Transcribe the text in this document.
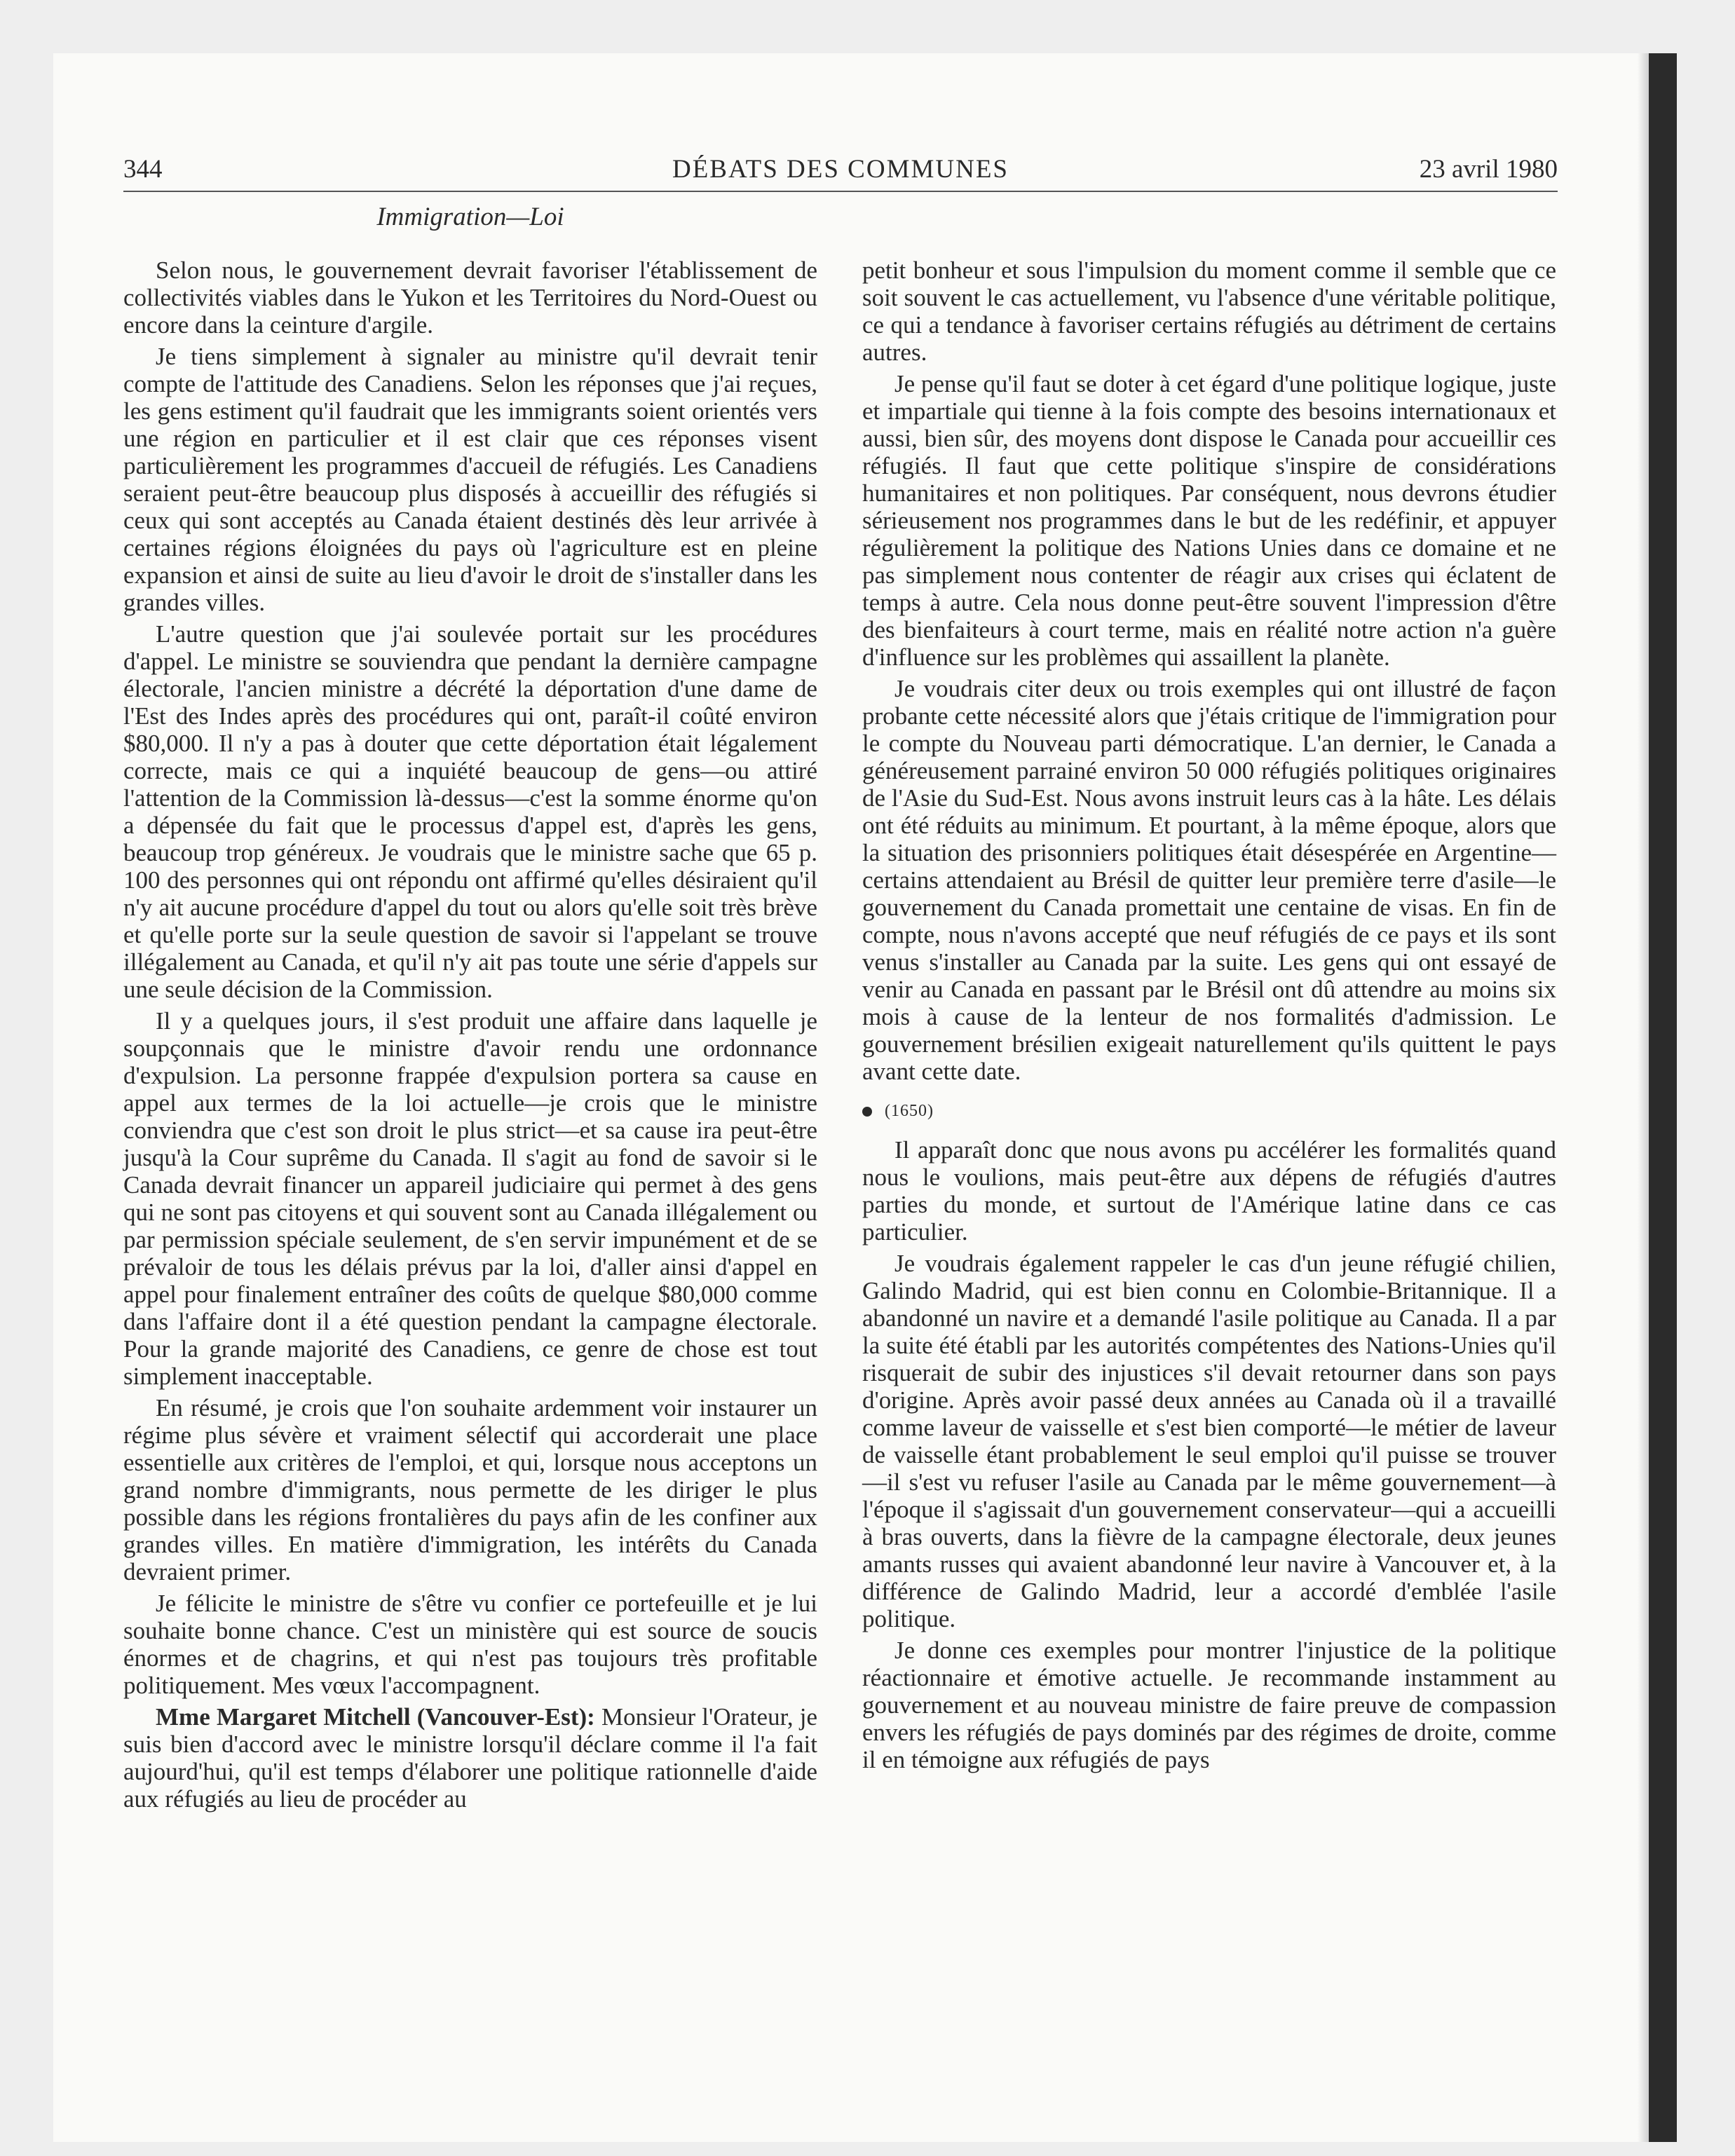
344	DÉBATS DES COMMUNES	23 avril 1980
Immigration—Loi

Selon nous, le gouvernement devrait favoriser l'établissement de collectivités viables dans le Yukon et les Territoires du Nord-Ouest ou encore dans la ceinture d'argile.

Je tiens simplement à signaler au ministre qu'il devrait tenir compte de l'attitude des Canadiens. Selon les réponses que j'ai reçues, les gens estiment qu'il faudrait que les immigrants soient orientés vers une région en particulier et il est clair que ces réponses visent particulièrement les programmes d'accueil de réfugiés. Les Canadiens seraient peut-être beaucoup plus disposés à accueillir des réfugiés si ceux qui sont acceptés au Canada étaient destinés dès leur arrivée à certaines régions éloignées du pays où l'agriculture est en pleine expansion et ainsi de suite au lieu d'avoir le droit de s'installer dans les grandes villes.

L'autre question que j'ai soulevée portait sur les procédures d'appel. Le ministre se souviendra que pendant la dernière campagne électorale, l'ancien ministre a décrété la déportation d'une dame de l'Est des Indes après des procédures qui ont, paraît-il coûté environ $80,000. Il n'y a pas à douter que cette déportation était légalement correcte, mais ce qui a inquiété beaucoup de gens—ou attiré l'attention de la Commission là-dessus—c'est la somme énorme qu'on a dépensée du fait que le processus d'appel est, d'après les gens, beaucoup trop généreux. Je voudrais que le ministre sache que 65 p. 100 des personnes qui ont répondu ont affirmé qu'elles désiraient qu'il n'y ait aucune procédure d'appel du tout ou alors qu'elle soit très brève et qu'elle porte sur la seule question de savoir si l'appelant se trouve illégalement au Canada, et qu'il n'y ait pas toute une série d'appels sur une seule décision de la Commission.

Il y a quelques jours, il s'est produit une affaire dans laquelle je soupçonnais que le ministre d'avoir rendu une ordonnance d'expulsion. La personne frappée d'expulsion portera sa cause en appel aux termes de la loi actuelle—je crois que le ministre conviendra que c'est son droit le plus strict—et sa cause ira peut-être jusqu'à la Cour suprême du Canada. Il s'agit au fond de savoir si le Canada devrait financer un appareil judiciaire qui permet à des gens qui ne sont pas citoyens et qui souvent sont au Canada illégalement ou par permission spéciale seulement, de s'en servir impunément et de se prévaloir de tous les délais prévus par la loi, d'aller ainsi d'appel en appel pour finalement entraîner des coûts de quelque $80,000 comme dans l'affaire dont il a été question pendant la campagne électorale. Pour la grande majorité des Canadiens, ce genre de chose est tout simplement inacceptable.

En résumé, je crois que l'on souhaite ardemment voir instaurer un régime plus sévère et vraiment sélectif qui accorderait une place essentielle aux critères de l'emploi, et qui, lorsque nous acceptons un grand nombre d'immigrants, nous permette de les diriger le plus possible dans les régions frontalières du pays afin de les confiner aux grandes villes. En matière d'immigration, les intérêts du Canada devraient primer.

Je félicite le ministre de s'être vu confier ce portefeuille et je lui souhaite bonne chance. C'est un ministère qui est source de soucis énormes et de chagrins, et qui n'est pas toujours très profitable politiquement. Mes vœux l'accompagnent.

Mme Margaret Mitchell (Vancouver-Est): Monsieur l'Orateur, je suis bien d'accord avec le ministre lorsqu'il déclare comme il l'a fait aujourd'hui, qu'il est temps d'élaborer une politique rationnelle d'aide aux réfugiés au lieu de procéder au

petit bonheur et sous l'impulsion du moment comme il semble que ce soit souvent le cas actuellement, vu l'absence d'une véritable politique, ce qui a tendance à favoriser certains réfugiés au détriment de certains autres.

Je pense qu'il faut se doter à cet égard d'une politique logique, juste et impartiale qui tienne à la fois compte des besoins internationaux et aussi, bien sûr, des moyens dont dispose le Canada pour accueillir ces réfugiés. Il faut que cette politique s'inspire de considérations humanitaires et non politiques. Par conséquent, nous devrons étudier sérieusement nos programmes dans le but de les redéfinir, et appuyer régulièrement la politique des Nations Unies dans ce domaine et ne pas simplement nous contenter de réagir aux crises qui éclatent de temps à autre. Cela nous donne peut-être souvent l'impression d'être des bienfaiteurs à court terme, mais en réalité notre action n'a guère d'influence sur les problèmes qui assaillent la planète.

Je voudrais citer deux ou trois exemples qui ont illustré de façon probante cette nécessité alors que j'étais critique de l'immigration pour le compte du Nouveau parti démocratique. L'an dernier, le Canada a généreusement parrainé environ 50 000 réfugiés politiques originaires de l'Asie du Sud-Est. Nous avons instruit leurs cas à la hâte. Les délais ont été réduits au minimum. Et pourtant, à la même époque, alors que la situation des prisonniers politiques était désespérée en Argentine—certains attendaient au Brésil de quitter leur première terre d'asile—le gouvernement du Canada promettait une centaine de visas. En fin de compte, nous n'avons accepté que neuf réfugiés de ce pays et ils sont venus s'installer au Canada par la suite. Les gens qui ont essayé de venir au Canada en passant par le Brésil ont dû attendre au moins six mois à cause de la lenteur de nos formalités d'admission. Le gouvernement brésilien exigeait naturellement qu'ils quittent le pays avant cette date.

(1650)

Il apparaît donc que nous avons pu accélérer les formalités quand nous le voulions, mais peut-être aux dépens de réfugiés d'autres parties du monde, et surtout de l'Amérique latine dans ce cas particulier.

Je voudrais également rappeler le cas d'un jeune réfugié chilien, Galindo Madrid, qui est bien connu en Colombie-Britannique. Il a abandonné un navire et a demandé l'asile politique au Canada. Il a par la suite été établi par les autorités compétentes des Nations-Unies qu'il risquerait de subir des injustices s'il devait retourner dans son pays d'origine. Après avoir passé deux années au Canada où il a travaillé comme laveur de vaisselle et s'est bien comporté—le métier de laveur de vaisselle étant probablement le seul emploi qu'il puisse se trouver—il s'est vu refuser l'asile au Canada par le même gouvernement—à l'époque il s'agissait d'un gouvernement conservateur—qui a accueilli à bras ouverts, dans la fièvre de la campagne électorale, deux jeunes amants russes qui avaient abandonné leur navire à Vancouver et, à la différence de Galindo Madrid, leur a accordé d'emblée l'asile politique.

Je donne ces exemples pour montrer l'injustice de la politique réactionnaire et émotive actuelle. Je recommande instamment au gouvernement et au nouveau ministre de faire preuve de compassion envers les réfugiés de pays dominés par des régimes de droite, comme il en témoigne aux réfugiés de pays
